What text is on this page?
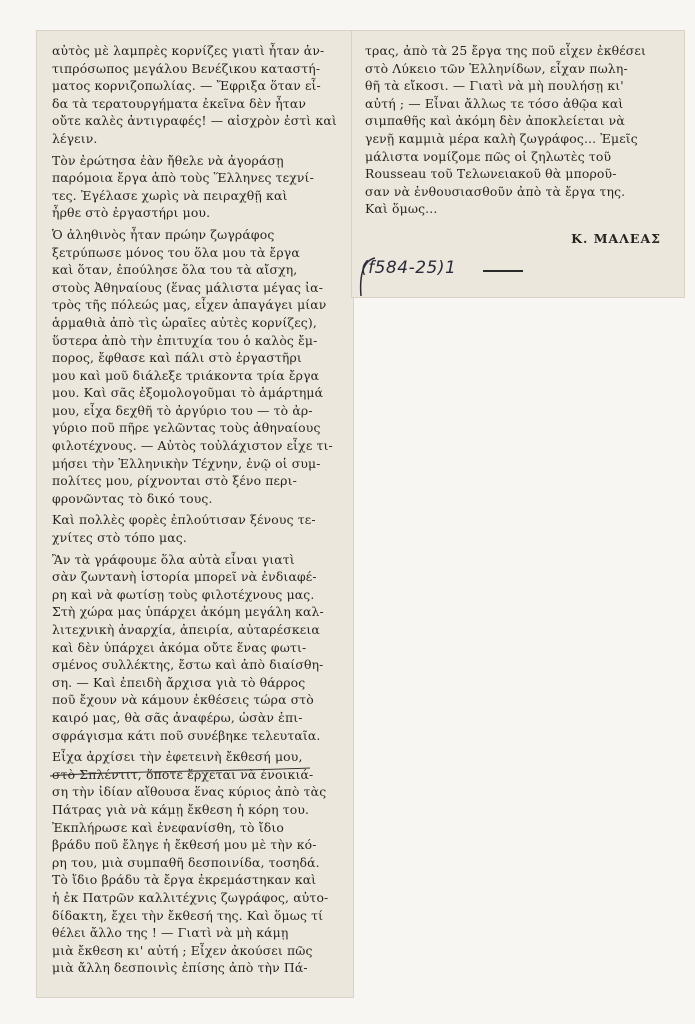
αὐτὸς μὲ λαμπρὲς κορνίζες γιατὶ ἦταν ἀν-
τιπρόσωπος μεγάλου Βενέζικου καταστή-
ματος κορνιζοπωλίας. — Ἔφριξα ὅταν εἶ-
δα τὰ τερατουργήματα ἐκεῖνα δὲν ἦταν
οὔτε καλὲς ἀντιγραφές! — αἰσχρὸν ἐστὶ καὶ
λέγειν.
Τὸν ἐρώτησα ἐὰν ἤθελε νὰ ἀγοράσῃ
παρόμοια ἔργα ἀπὸ τοὺς Ἕλληνες τεχνί-
τες. Ἐγέλασε χωρὶς νὰ πειραχθῇ καὶ
ἦρθε στὸ ἐργαστήρι μου.
Ὁ ἀληθινὸς ἦταν πρώην ζωγράφος
ξετρύπωσε μόνος του ὅλα μου τὰ ἔργα
καὶ ὅταν, ἐπούλησε ὅλα του τὰ αἴσχη,
στοὺς Ἀθηναίους (ἕνας μάλιστα μέγας ἰα-
τρὸς τῆς πόλεώς μας, εἶχεν ἀπαγάγει μίαν
ἁρμαθιὰ ἀπὸ τὶς ὡραῖες αὐτὲς κορνίζες),
ὕστερα ἀπὸ τὴν ἐπιτυχία του ὁ καλὸς ἔμ-
πορος, ἔφθασε καὶ πάλι στὸ ἐργαστῆρι
μου καὶ μοῦ διάλεξε τριάκοντα τρία ἔργα
μου. Καὶ σᾶς ἐξομολογοῦμαι τὸ ἁμάρτημά
μου, εἶχα δεχθῆ τὸ ἀργύριο του — τὸ ἀρ-
γύριο ποῦ πῆρε γελῶντας τοὺς ἀθηναίους
φιλοτέχνους. — Αὐτὸς τοὐλάχιστον εἶχε τι-
μήσει τὴν Ἑλληνικὴν Τέχνην, ἐνῷ οἱ συμ-
πολίτες μου, ρίχνονται στὸ ξένο περι-
φρονῶντας τὸ δικό τους.
Καὶ πολλὲς φορὲς ἐπλούτισαν ξένους τε-
χνίτες στὸ τόπο μας.
Ἂν τὰ γράφουμε ὅλα αὐτὰ εἶναι γιατὶ
σὰν ζωντανὴ ἱστορία μπορεῖ νὰ ἐνδιαφέ-
ρη καὶ νὰ φωτίσῃ τοὺς φιλοτέχνους μας.
Στὴ χώρα μας ὑπάρχει ἀκόμη μεγάλη καλ-
λιτεχνικὴ ἀναρχία, ἀπειρία, αὐταρέσκεια
καὶ δὲν ὑπάρχει ἀκόμα οὔτε ἕνας φωτι-
σμένος συλλέκτης, ἔστω καὶ ἀπὸ διαίσθη-
ση. — Καὶ ἐπειδὴ ἄρχισα γιὰ τὸ θάρρος
ποῦ ἔχουν νὰ κάμουν ἐκθέσεις τώρα στὸ
καιρό μας, θὰ σᾶς ἀναφέρω, ὡσὰν ἐπι-
σφράγισμα κάτι ποῦ συνέβηκε τελευταῖα.
Εἶχα ἀρχίσει τὴν ἐφετεινὴ ἔκθεσή μου,
στὸ Σπλέντιτ, ὅποτε ἔρχεται νὰ ἐνοικιά-
ση τὴν ἰδίαν αἴθουσα ἕνας κύριος ἀπὸ τὰς
Πάτρας γιὰ νὰ κάμῃ ἔκθεση ἡ κόρη του.
Ἐκπλήρωσε καὶ ἐνεφανίσθη, τὸ ἴδιο
βράδυ ποῦ ἔληγε ἡ ἔκθεσή μου μὲ τὴν κό-
ρη του, μιὰ συμπαθῆ δεσποινίδα, τοσηδά.
Τὸ ἴδιο βράδυ τὰ ἔργα ἐκρεμάστηκαν καὶ
ἡ ἐκ Πατρῶν καλλιτέχνις ζωγράφος, αὐτο-
δίδακτη, ἔχει τὴν ἔκθεσή της. Καὶ ὅμως τί
θέλει ἄλλο της ! — Γιατὶ νὰ μὴ κάμῃ
μιὰ ἔκθεση κι' αὐτή ; Εἶχεν ἀκούσει πῶς
μιὰ ἄλλη δεσποινὶς ἐπίσης ἀπὸ τὴν Πά-
τρας, ἀπὸ τὰ 25 ἔργα της ποῦ εἶχεν ἐκθέσει
στὸ Λύκειο τῶν Ἑλληνίδων, εἶχαν πωλη-
θῆ τὰ εἴκοσι. — Γιατὶ νὰ μὴ πουλήσῃ κι'
αὐτή ; — Εἶναι ἄλλως τε τόσο ἀθῷα καὶ
σιμπαθῆς καὶ ἀκόμη δὲν ἀποκλείεται νὰ
γενῇ καμμιὰ μέρα καλὴ ζωγράφος... Ἐμεῖς
μάλιστα νομίζομε πῶς οἱ ζηλωτὲς τοῦ
Rousseau τοῦ Τελωνειακοῦ θὰ μποροῦ-
σαν νὰ ἐνθουσιασθοῦν ἀπὸ τὰ ἔργα της.
Καὶ ὅμως...
Κ. ΜΑΛΕΑΣ
(f584-25)1
